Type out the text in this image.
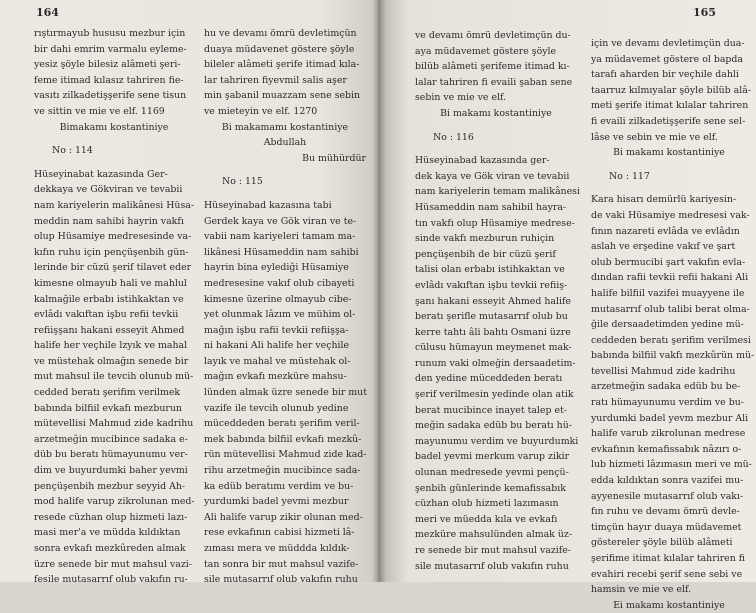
164
rıştırmayub hususu mezbur için
bir dahi emrim varmalu eyleme-
yesiz şöyle bilesiz alâmeti şeri-
feme itimad kılasız tahriren fie-
vasıtı zilkadetişşerife sene tisun
ve sittin ve mie ve elf. 1169
Bimakamı kostantiniye
No : 114
Hüseyinabat kazasında Ger-
dekkaya ve Gökviran ve tevabii
nam kariyelerin malikânesi Hüsa-
meddin nam sahibi hayrin vakfı
olup Hüsamiye medresesinde va-
kıfın ruhu için pençüşenbih gün-
lerinde bir cüzü şerif tilavet eder
kimesne olmayub hali ve mahlul
kalmağile erbabı istihkaktan ve
evlâdı vakıftan işbu refii tevkii
refiişşanı hakani esseyit Ahmed
halife her veçhile lzyık ve mahal
ve müstehak olmağın senede bir
mut mahsul ile tevcih olunub mü-
cedded beratı şerifim verilmek
babında bilfiil evkafı mezburun
mütevellisi Mahmud zide kadrihu
arzetmeğin mucibince sadaka e-
düb bu beratı hümayunumu ver-
dim ve buyurdumki baher yevmi
pençüşenbih mezbur seyyid Ah-
mod halife varup zikrolunan med-
resede cüzhan olup hizmeti lazı-
masi mer'a ve müdda kıldıktan
sonra evkafı mezkûreden almak
üzre senede bir mut mahsul vazi-
fesile mutasarrıf olub vakıfın ru-
hu ve devamı ömrü devletimçün
duaya müdavenet göstere şöyle
bileler alâmeti şerife itimad kıla-
lar tahriren fiyevmil salis aşer
min şabanil muazzam sene sebin
ve mieteyin ve elf. 1270
Bi makamamı kostantiniye
Abdullah
Bu mühürdür
No : 115
Hüseyinabad kazasına tabi
Gerdek kaya ve Gök viran ve te-
vabii nam kariyeleri tamam ma-
likânesi Hüsameddin nam sahibi
hayrin bina eylediği Hüsamiye
medresesine vakıf olub cibayeti
kimesne üzerine olmayub cibe-
yet olunmak lâzım ve mühim ol-
mağın işbu rafii tevkii refiişşa-
ni hakani Ali halife her veçhile
layık ve mahal ve müstehak ol-
mağın evkafı mezküre mahsu-
lünden almak üzre senede bir mut
vazife ile tevcih olunub yedine
müceddeden beratı şerifim veril-
mek babında bilfiil evkafı mezkû-
rün mütevellisi Mahmud zide kad-
rihu arzetmeğin mucibince sada-
ka edüb beratımı verdim ve bu-
yurdumki badel yevmi mezbur
Ali halife varup zikir olunan med-
rese evkafının cabisi hizmeti lâ-
zıması mera ve müddda kıldık-
tan sonra bir mut mahsul vazife-
sile mutasarrıf olub vakıfın ruhu
165
ve devamı ömrü devletimçün du-
aya müdavemet göstere şöyle
bilüb alâmeti şerifeme itimad kı-
lalar tahriren fi evaili şaban sene
sebin ve mie ve elf.
Bi makamı kostantiniye
No : 116
Hüseyinabad kazasında ger-
dek kaya ve Gök viran ve tevabii
nam kariyelerin temam malikânesi
Hüsameddin nam sahibil hayra-
tın vakfı olup Hüsamiye medrese-
sinde vakfı mezburun ruhiçin
pençüşenbih de bir cüzü şerif
talisi olan erbabı istihkaktan ve
evlâdı vakıftan işbu tevkii refiiş-
şanı hakani esseyit Ahmed halife
beratı şerifle mutasarrıf olub bu
kerre tahtı âli bahtı Osmani üzre
cülusu hümayun meymenet mak-
runum vaki olmeğin dersaadetim-
den yedine müceddeden beratı
şerif verilmesin yedinde olan atik
berat mucibince inayet talep et-
meğin sadaka edüb bu beratı hü-
mayunumu verdim ve buyurdumki
badel yevmi merkum varup zikir
olunan medresede yevmi pençü-
şenbih günlerinde kemafissabık
cüzhan olub hizmeti lazımasın
meri ve müedda kıla ve evkafı
mezküre mahsulünden almak üz-
re senede bir mut mahsul vazife-
sile mutasarrıf olub vakıfın ruhu
için ve devamı devletimçün dua-
ya müdavemet göstere ol bapda
tarafı aharden bir veçhile dahli
taarruz kılmıyalar şöyle bilüb alâ-
meti şerife itimat kılalar tahriren
fi evaili zilkadetişşerife sene sel-
lâse ve sebin ve mie ve elf.
Bi makamı kostantiniye
No : 117
Kara hisarı demürlü kariyesin-
de vaki Hüsamiye medresesi vak-
fının nazareti evlâda ve evlâdın
aslah ve erşedine vakıf ve şart
olub bermucibi şart vakıfın evla-
dından rafii tevkii refii hakani Ali
halife bilfiil vazifei muayyene ile
mutasarrıf olub talibi berat olma-
ğile dersaadetimden yedine mü-
ceddeden beratı şerifim verilmesi
babında bilfiil vakfı mezkûrün mü-
tevellisi Mahmud zide kadrihu
arzetmeğin sadaka edüb bu be-
ratı hümayunumu verdim ve bu-
yurdumki badel yevm mezbur Ali
halife varub zikrolunan medrese
evkafının kemafissabık nâzırı o-
lub hizmeti lâzımasın meri ve mü-
edda kıldıktan sonra vazifei mu-
ayyenesile mutasarrıf olub vakı-
fın ruhu ve devamı ömrü devle-
timçün hayır duaya müdavemet
göstereler şöyle bilüb alâmeti
şerifime itimat kılalar tahriren fi
evahiri recebi şerif sene sebi ve
hamsin ve mie ve elf.
Ei makamı kostantiniye
